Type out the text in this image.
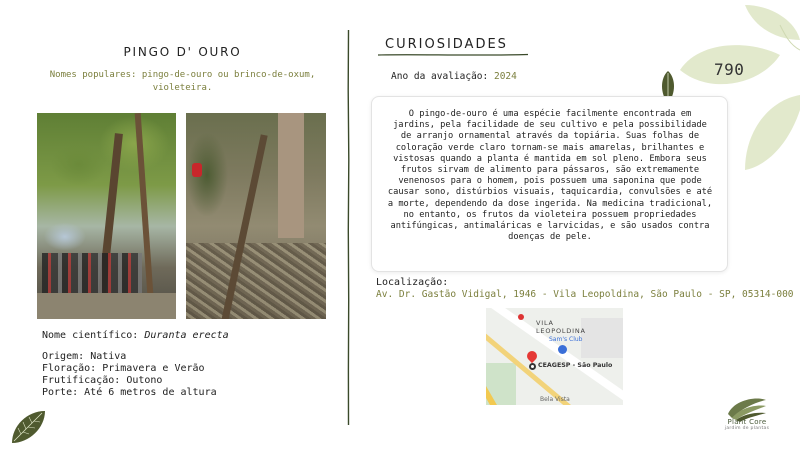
790
PINGO D' OURO
Nomes populares: pingo-de-ouro ou brinco-de-oxum, violeteira.
Nome científico: Duranta erecta
Origem: Nativa
Floração: Primavera e Verão
Frutificação: Outono
Porte: Até 6 metros de altura
CURIOSIDADES
Ano da avaliação: 2024
O pingo-de-ouro é uma espécie facilmente encontrada em jardins, pela facilidade de seu cultivo e pela possibilidade de arranjo ornamental através da topiária. Suas folhas de coloração verde claro tornam-se mais amarelas, brilhantes e vistosas quando a planta é mantida em sol pleno. Embora seus frutos sirvam de alimento para pássaros, são extremamente venenosos para o homem, pois possuem uma saponina que pode causar sono, distúrbios visuais, taquicardia, convulsões e até a morte, dependendo da dose ingerida. Na medicina tradicional, no entanto, os frutos da violeteira possuem propriedades antifúngicas, antimaláricas e larvicidas, e são usados contra doenças de pele.
Localização:
Av. Dr. Gastão Vidigal, 1946 - Vila Leopoldina, São Paulo - SP, 05314-000
VILA
LEOPOLDINA
Sam's Club
CEAGESP - São Paulo
Bela Vista
Plant Core
jardim de plantas
